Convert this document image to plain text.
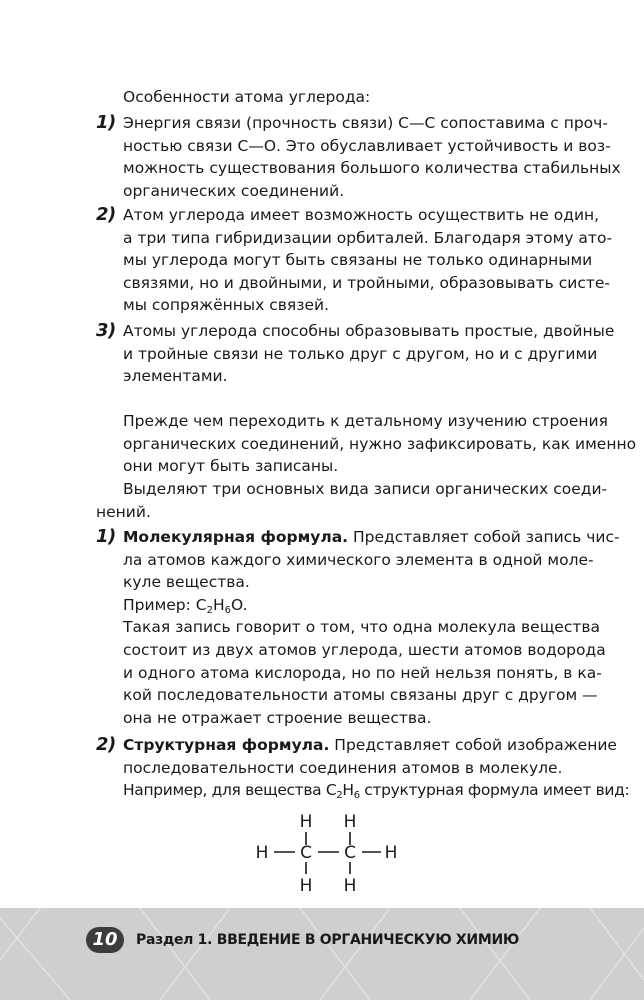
Особенности атома углерода:

1) Энергия связи (прочность связи) С—С сопоставима с проч-
ностью связи С—О. Это обуславливает устойчивость и воз-
можность существования большого количества стабильных
органических соединений.
2) Атом углерода имеет возможность осуществить не один,
а три типа гибридизации орбиталей. Благодаря этому ато-
мы углерода могут быть связаны не только одинарными
связями, но и двойными, и тройными, образовывать систе-
мы сопряжённых связей.
3) Атомы углерода способны образовывать простые, двойные
и тройные связи не только друг с другом, но и с другими
элементами.
Прежде чем переходить к детальному изучению строения
органических соединений, нужно зафиксировать, как именно
они могут быть записаны.
Выделяют три основных вида записи органических соеди-
нений.
1) Молекулярная формула. Представляет собой запись чис-
ла атомов каждого химического элемента в одной моле-
куле вещества.
Пример: $C_2H_6O$.
Такая запись говорит о том, что одна молекула вещества
состоит из двух атомов углерода, шести атомов водорода
и одного атома кислорода, но по ней нельзя понять, в ка-
кой последовательности атомы связаны друг с другом —
она не отражает строение вещества.
2) Структурная формула. Представляет собой изображение
последовательности соединения атомов в молекуле.
Например, для вещества $C_2H_6$ структурная формула имеет вид:
H H
H C C H
H H
10	Раздел 1. ВВЕДЕНИЕ В ОРГАНИЧЕСКУЮ ХИМИЮ
